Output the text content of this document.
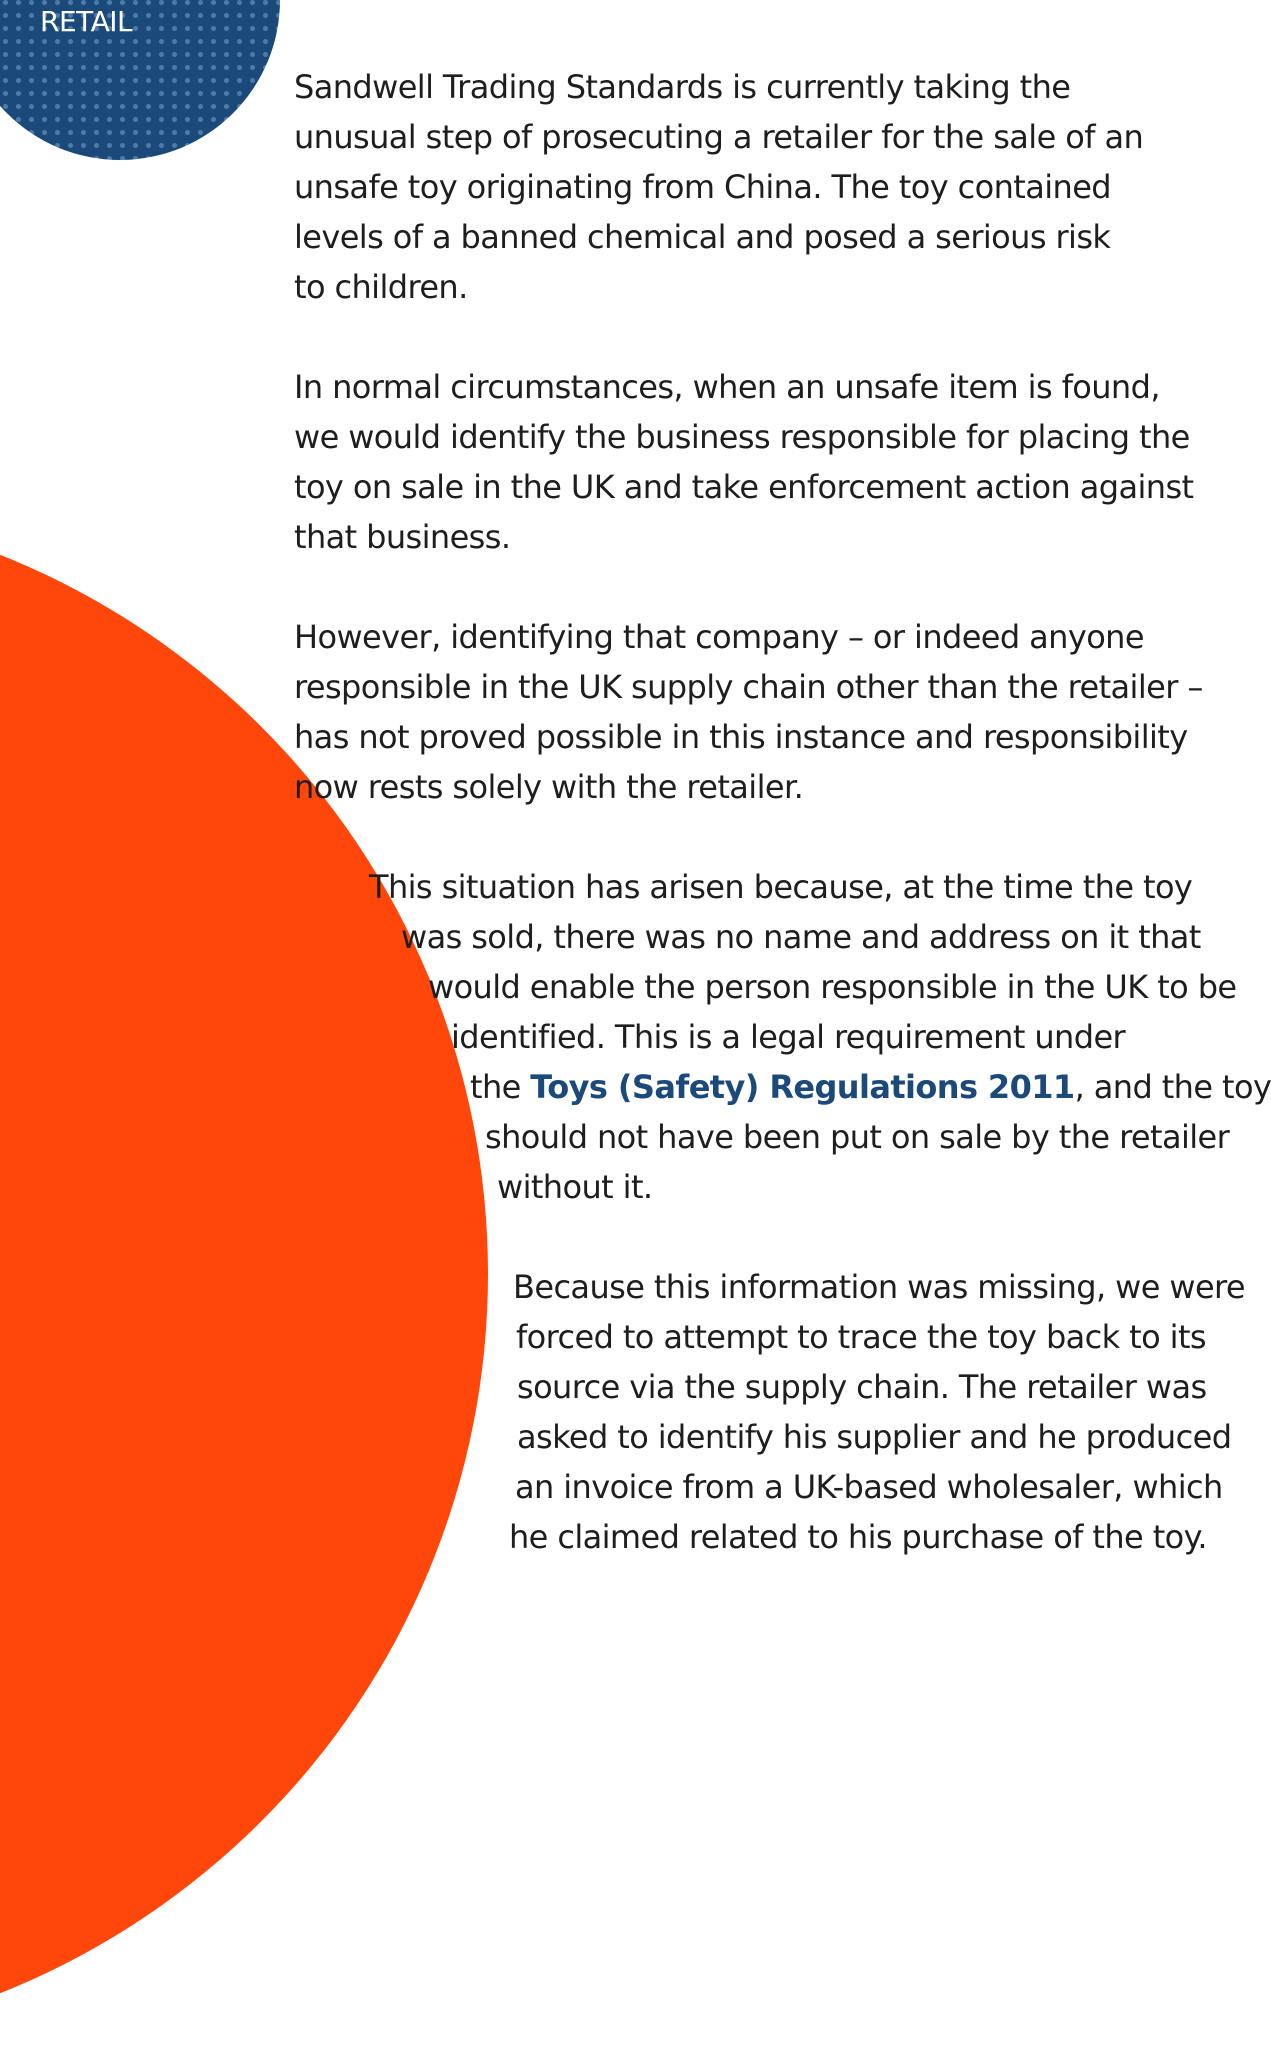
RETAIL

Sandwell Trading Standards is currently taking the
unusual step of prosecuting a retailer for the sale of an
unsafe toy originating from China. The toy contained
levels of a banned chemical and posed a serious risk
to children.

In normal circumstances, when an unsafe item is found,
we would identify the business responsible for placing the
toy on sale in the UK and take enforcement action against
that business.

However, identifying that company – or indeed anyone
responsible in the UK supply chain other than the retailer –
has not proved possible in this instance and responsibility
now rests solely with the retailer.

This situation has arisen because, at the time the toy
was sold, there was no name and address on it that
would enable the person responsible in the UK to be
identified. This is a legal requirement under
the Toys (Safety) Regulations 2011, and the toy
should not have been put on sale by the retailer
without it.
Because this information was missing, we were
forced to attempt to trace the toy back to its
source via the supply chain. The retailer was
asked to identify his supplier and he produced
an invoice from a UK-based wholesaler, which
he claimed related to his purchase of the toy.
